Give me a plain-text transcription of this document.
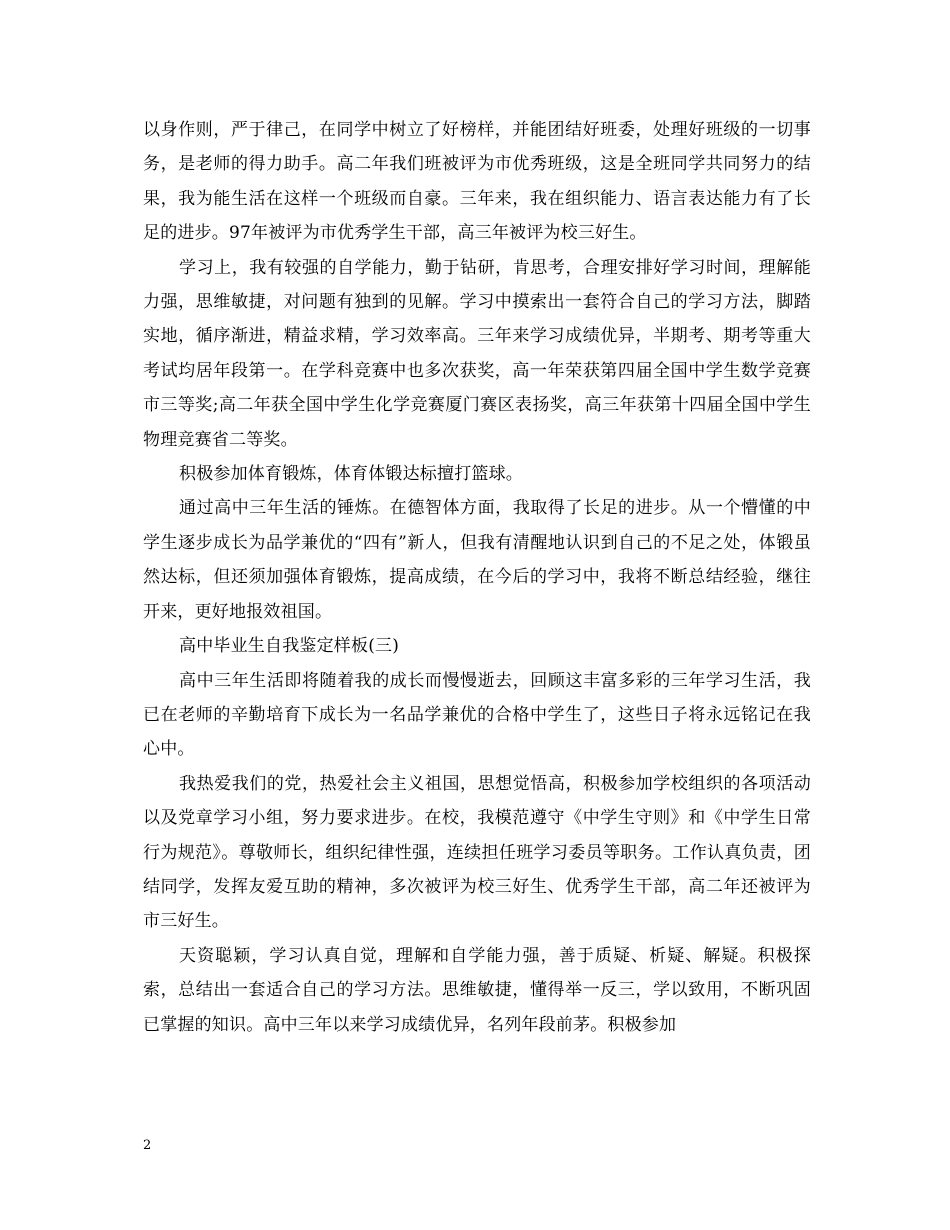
以身作则，严于律己，在同学中树立了好榜样，并能团结好班委，处理好班级的一切事务，是老师的得力助手。高二年我们班被评为市优秀班级，这是全班同学共同努力的结果，我为能生活在这样一个班级而自豪。三年来，我在组织能力、语言表达能力有了长足的进步。97年被评为市优秀学生干部，高三年被评为校三好生。

学习上，我有较强的自学能力，勤于钻研，肯思考，合理安排好学习时间，理解能力强，思维敏捷，对问题有独到的见解。学习中摸索出一套符合自己的学习方法，脚踏实地，循序渐进，精益求精，学习效率高。三年来学习成绩优异，半期考、期考等重大考试均居年段第一。在学科竞赛中也多次获奖，高一年荣获第四届全国中学生数学竞赛市三等奖;高二年获全国中学生化学竞赛厦门赛区表扬奖，高三年获第十四届全国中学生物理竞赛省二等奖。

积极参加体育锻炼，体育体锻达标擅打篮球。

通过高中三年生活的锤炼。在德智体方面，我取得了长足的进步。从一个懵懂的中学生逐步成长为品学兼优的“四有”新人，但我有清醒地认识到自己的不足之处，体锻虽然达标，但还须加强体育锻炼，提高成绩，在今后的学习中，我将不断总结经验，继往开来，更好地报效祖国。

高中毕业生自我鉴定样板(三)

高中三年生活即将随着我的成长而慢慢逝去，回顾这丰富多彩的三年学习生活，我已在老师的辛勤培育下成长为一名品学兼优的合格中学生了，这些日子将永远铭记在我心中。

我热爱我们的党，热爱社会主义祖国，思想觉悟高，积极参加学校组织的各项活动以及党章学习小组，努力要求进步。在校，我模范遵守《中学生守则》和《中学生日常行为规范》。尊敬师长，组织纪律性强，连续担任班学习委员等职务。工作认真负责，团结同学，发挥友爱互助的精神，多次被评为校三好生、优秀学生干部，高二年还被评为市三好生。

天资聪颖，学习认真自觉，理解和自学能力强，善于质疑、析疑、解疑。积极探索，总结出一套适合自己的学习方法。思维敏捷，懂得举一反三，学以致用，不断巩固已掌握的知识。高中三年以来学习成绩优异，名列年段前茅。积极参加

2
